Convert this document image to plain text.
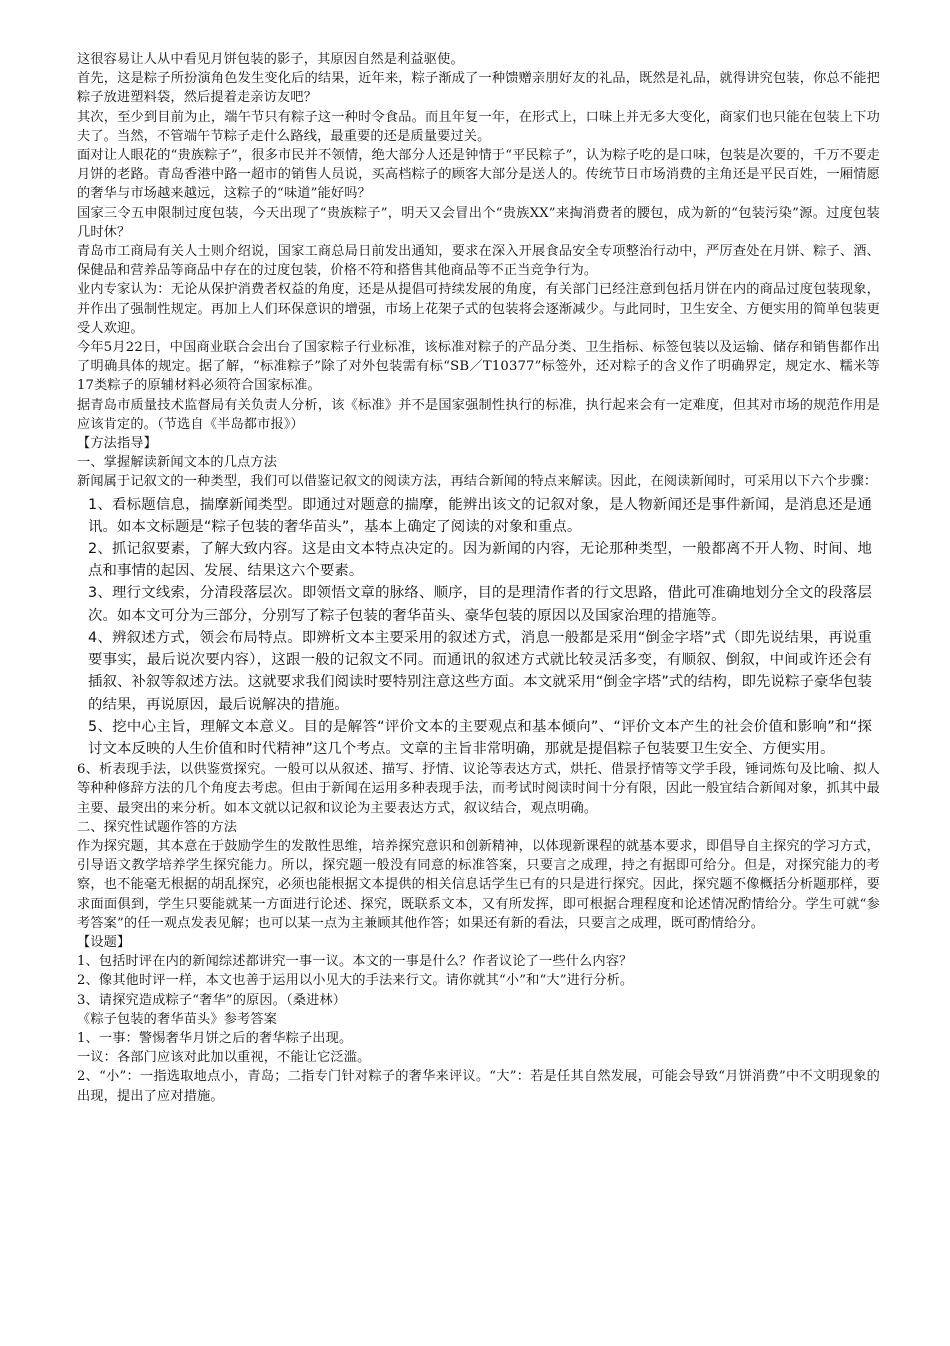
这很容易让人从中看见月饼包装的影子，其原因自然是利益驱使。

首先，这是粽子所扮演角色发生变化后的结果，近年来，粽子渐成了一种馈赠亲朋好友的礼品，既然是礼品，就得讲究包装，你总不能把粽子放进塑料袋，然后提着走亲访友吧？

其次，至少到目前为止，端午节只有粽子这一种时令食品。而且年复一年，在形式上，口味上并无多大变化，商家们也只能在包装上下功夫了。当然，不管端午节粽子走什么路线，最重要的还是质量要过关。

面对让人眼花的“贵族粽子”，很多市民并不领情，绝大部分人还是钟情于“平民粽子”，认为粽子吃的是口味，包装是次要的，千万不要走月饼的老路。青岛香港中路一超市的销售人员说，买高档粽子的顾客大部分是送人的。传统节日市场消费的主角还是平民百姓，一厢情愿的奢华与市场越来越远，这粽子的“味道”能好吗？

国家三令五申限制过度包装，今天出现了“贵族粽子”，明天又会冒出个“贵族XX”来掏消费者的腰包，成为新的“包装污染”源。过度包装几时休？

青岛市工商局有关人士则介绍说，国家工商总局日前发出通知，要求在深入开展食品安全专项整治行动中，严厉查处在月饼、粽子、酒、保健品和营养品等商品中存在的过度包装，价格不符和搭售其他商品等不正当竞争行为。

业内专家认为：无论从保护消费者权益的角度，还是从提倡可持续发展的角度，有关部门已经注意到包括月饼在内的商品过度包装现象，并作出了强制性规定。再加上人们环保意识的增强，市场上花架子式的包装将会逐渐减少。与此同时，卫生安全、方便实用的简单包装更受人欢迎。

今年5月22日，中国商业联合会出台了国家粽子行业标准，该标准对粽子的产品分类、卫生指标、标签包装以及运输、储存和销售都作出了明确具体的规定。据了解，“标准粽子”除了对外包装需有标“SB／T10377”标签外，还对粽子的含义作了明确界定，规定水、糯米等17类粽子的原辅材料必须符合国家标准。

据青岛市质量技术监督局有关负责人分析，该《标准》并不是国家强制性执行的标准，执行起来会有一定难度，但其对市场的规范作用是应该肯定的。（节选自《半岛都市报》）

【方法指导】

一、掌握解读新闻文本的几点方法

新闻属于记叙文的一种类型，我们可以借鉴记叙文的阅读方法，再结合新闻的特点来解读。因此，在阅读新闻时，可采用以下六个步骤：

1、看标题信息，揣摩新闻类型。即通过对题意的揣摩，能辨出该文的记叙对象，是人物新闻还是事件新闻，是消息还是通讯。如本文标题是“粽子包装的奢华苗头”，基本上确定了阅读的对象和重点。

2、抓记叙要素，了解大致内容。这是由文本特点决定的。因为新闻的内容，无论那种类型，一般都离不开人物、时间、地点和事情的起因、发展、结果这六个要素。

3、理行文线索，分清段落层次。即领悟文章的脉络、顺序，目的是理清作者的行文思路，借此可准确地划分全文的段落层次。如本文可分为三部分，分别写了粽子包装的奢华苗头、豪华包装的原因以及国家治理的措施等。

4、辨叙述方式，领会布局特点。即辨析文本主要采用的叙述方式，消息一般都是采用“倒金字塔”式（即先说结果，再说重要事实，最后说次要内容），这跟一般的记叙文不同。而通讯的叙述方式就比较灵活多变，有顺叙、倒叙，中间或许还会有插叙、补叙等叙述方法。这就要求我们阅读时要特别注意这些方面。本文就采用“倒金字塔”式的结构，即先说粽子豪华包装的结果，再说原因，最后说解决的措施。

5、挖中心主旨，理解文本意义。目的是解答“评价文本的主要观点和基本倾向”、“评价文本产生的社会价值和影响”和“探讨文本反映的人生价值和时代精神”这几个考点。文章的主旨非常明确，那就是提倡粽子包装要卫生安全、方便实用。

6、析表现手法，以供鉴赏探究。一般可以从叙述、描写、抒情、议论等表达方式，烘托、借景抒情等文学手段，锤词炼句及比喻、拟人等种种修辞方法的几个角度去考虑。但由于新闻在运用多种表现手法，而考试时阅读时间十分有限，因此一般宜结合新闻对象，抓其中最主要、最突出的来分析。如本文就以记叙和议论为主要表达方式，叙议结合，观点明确。

二、探究性试题作答的方法

作为探究题，其本意在于鼓励学生的发散性思维，培养探究意识和创新精神，以体现新课程的就基本要求，即倡导自主探究的学习方式，引导语文教学培养学生探究能力。所以，探究题一般没有同意的标准答案，只要言之成理，持之有据即可给分。但是，对探究能力的考察，也不能毫无根据的胡乱探究，必须也能根据文本提供的相关信息话学生已有的只是进行探究。因此，探究题不像概括分析题那样，要求面面俱到，学生只要能就某一方面进行论述、探究，既联系文本，又有所发挥，即可根据合理程度和论述情况酌情给分。学生可就“参考答案”的任一观点发表见解；也可以某一点为主兼顾其他作答；如果还有新的看法，只要言之成理，既可酌情给分。

【设题】

1、包括时评在内的新闻综述都讲究一事一议。本文的一事是什么？作者议论了一些什么内容？

2、像其他时评一样，本文也善于运用以小见大的手法来行文。请你就其“小”和“大”进行分析。

3、请探究造成粽子“奢华”的原因。（桑进林）

《粽子包装的奢华苗头》参考答案

1、一事：警惕奢华月饼之后的奢华粽子出现。

一议：各部门应该对此加以重视，不能让它泛滥。

2、“小”：一指选取地点小，青岛；二指专门针对粽子的奢华来评议。“大”：若是任其自然发展，可能会导致“月饼消费”中不文明现象的出现，提出了应对措施。
